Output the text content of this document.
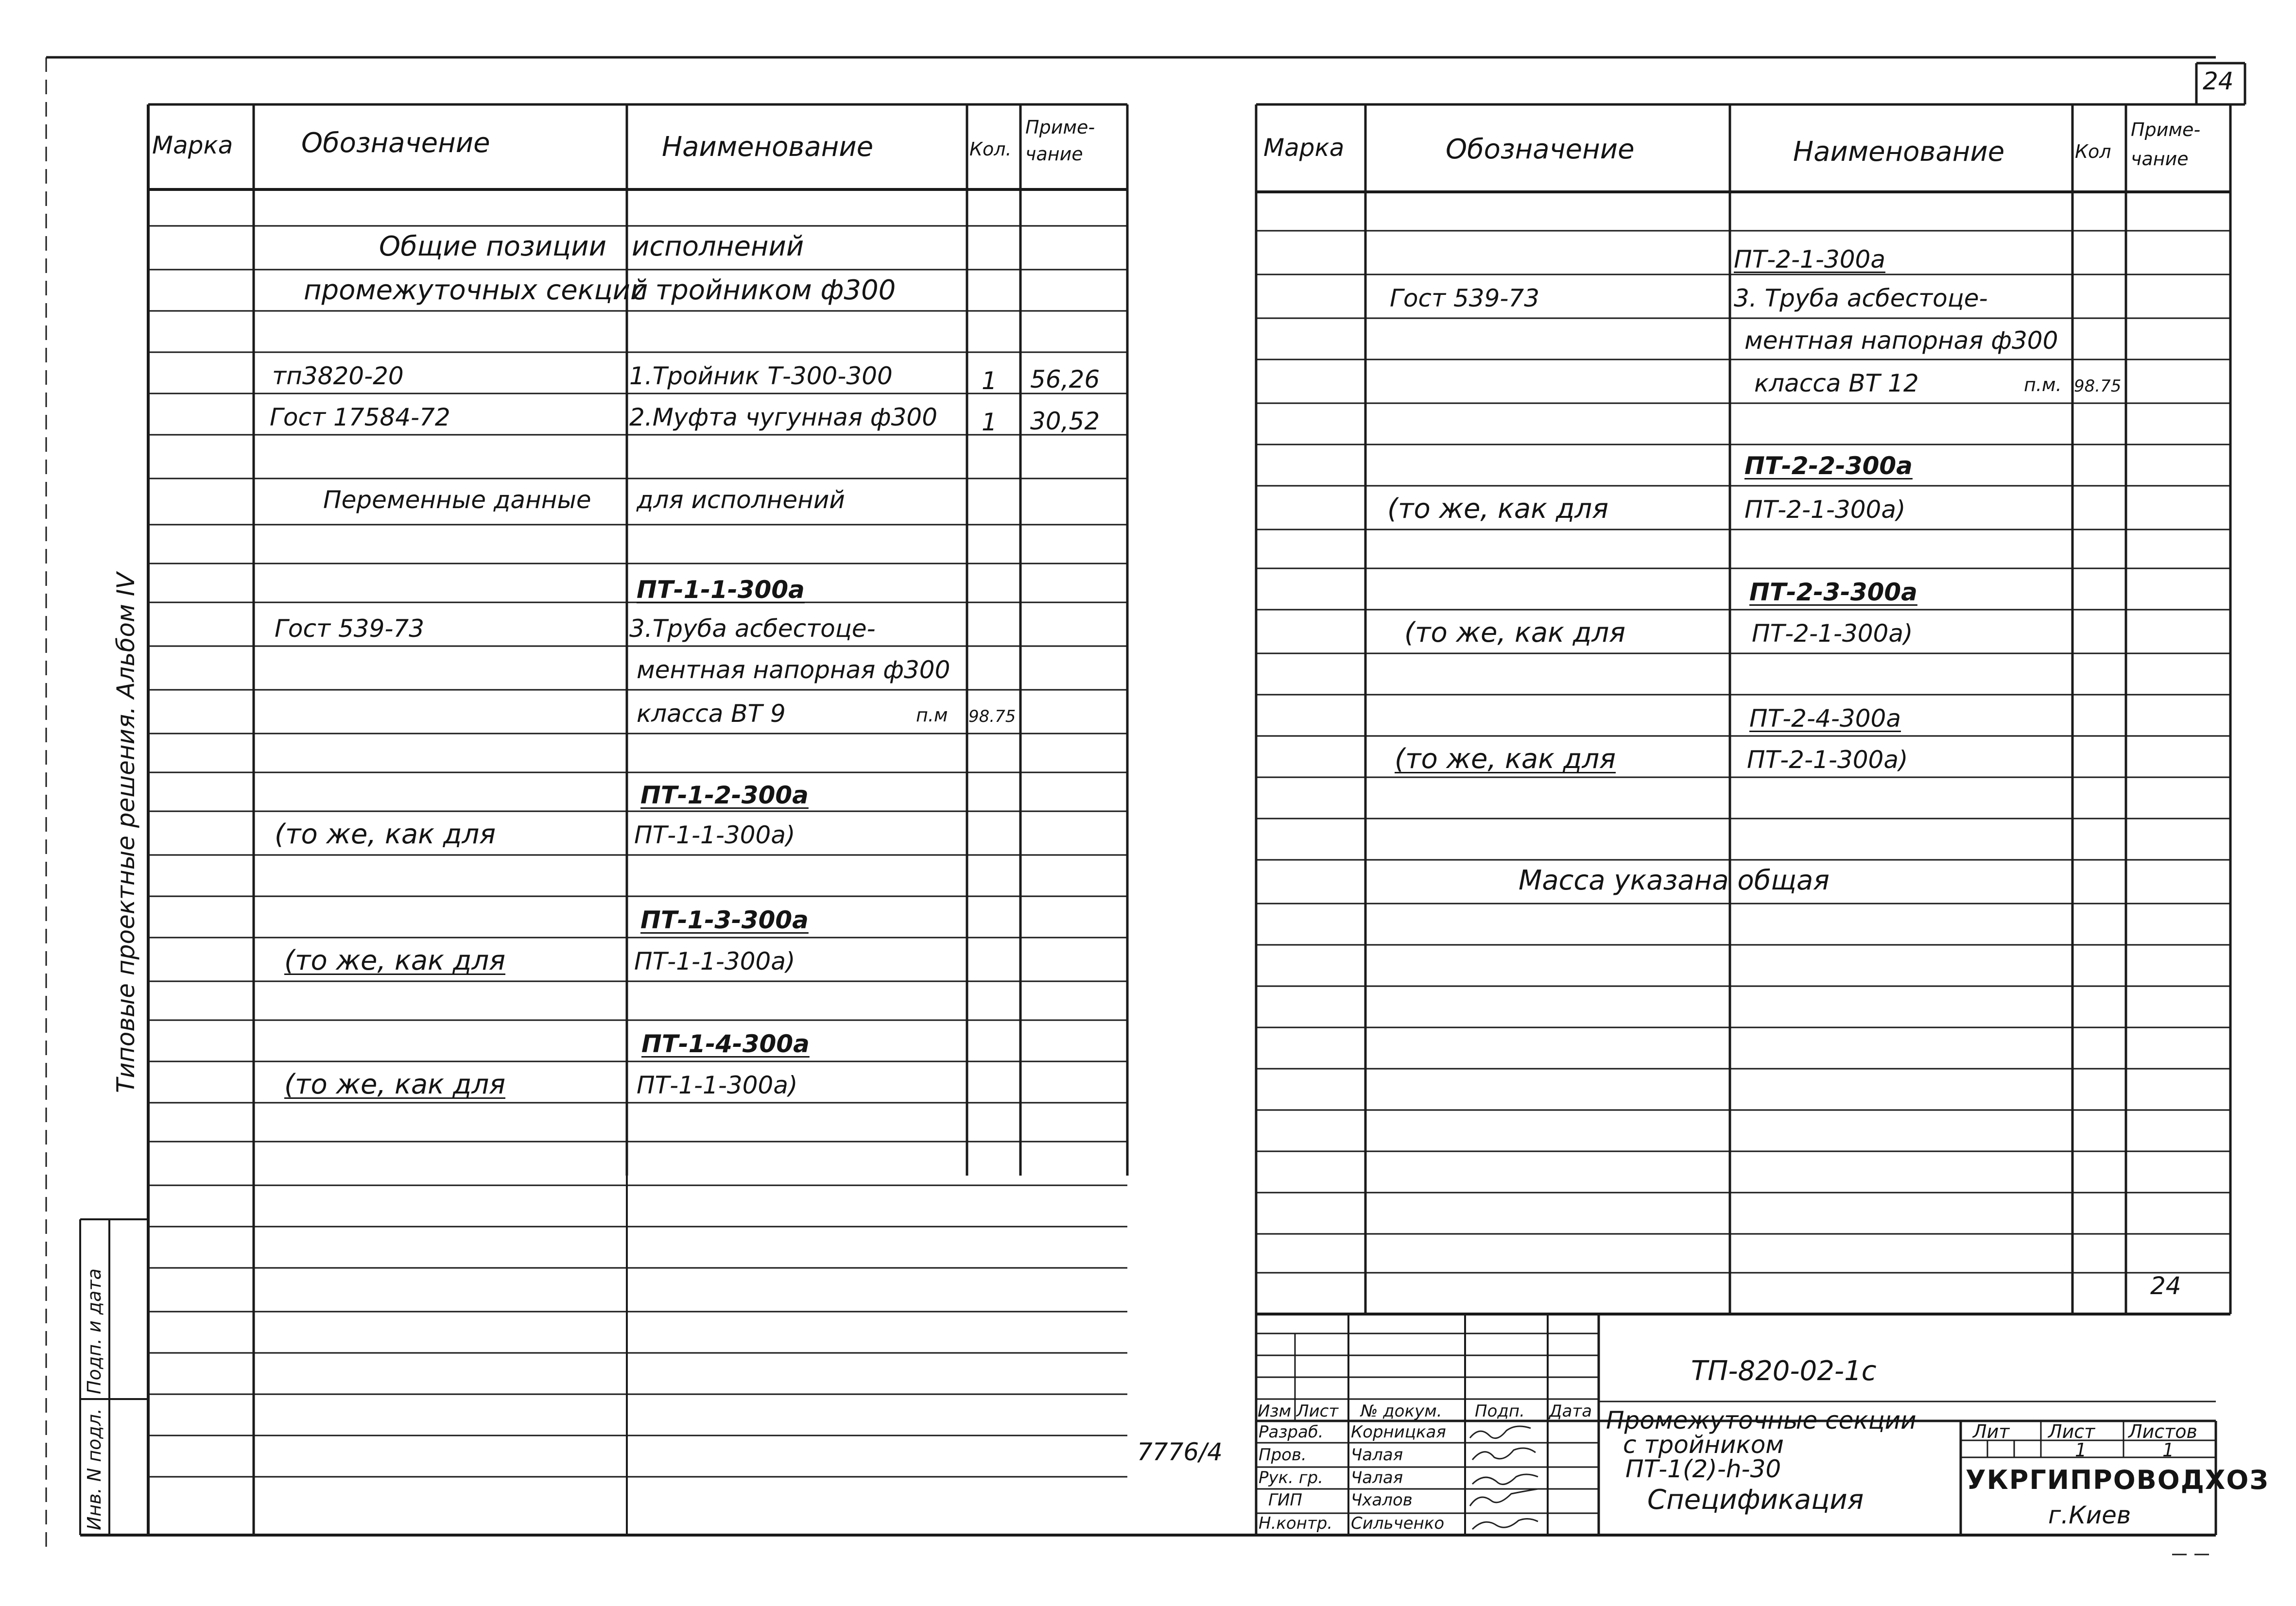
24
24
7776/4
Типовые проектные решения. Альбом IV
Инв. N подл.
Подп. и дата
Марка	Обозначение	Наименование	Кол.
Приме-
чание
Общие позиции исполнений
промежуточных секций
с тройником ф300
тп3820-20	1.Тройник Т-300-300	1 56,26
Гост 17584-72	2.Муфта чугунная ф300 1 30,52
Переменные данные для исполнений
ПТ-1-1-300а
Гост 539-73	3.Труба асбестоце-
ментная напорная ф300
класса ВТ 9	п.м 98.75
ПТ-1-2-300а
(то же, как для	ПТ-1-1-300а)
ПТ-1-3-300а
(то же, как для	ПТ-1-1-300а)
ПТ-1-4-300а
(то же, как для	ПТ-1-1-300а)
Марка	Обозначение	Наименование	Кол
Приме-
чание
ПТ-2-1-300а
Гост 539-73	3. Труба асбестоце-
ментная напорная ф300
класса ВТ 12	п.м. 98.75
ПТ-2-2-300а
(то же, как для	ПТ-2-1-300а)
ПТ-2-3-300а
(то же, как для	ПТ-2-1-300а)
ПТ-2-4-300а
(то же, как для	ПТ-2-1-300а)
Масса указана общая
ТП-820-02-1с
Изм Лист № докум. Подп. Дата
Разраб. Корницкая
Пров.	Чалая
Рук. гр. Чалая
ГИП	Чхалов
Н.контр. Сильченко
Промежуточные секции
с тройником
ПТ-1(2)-h-30
Спецификация
Лит Лист Листов
1	1
УКРГИПРОВОДХОЗ
г.Киев
